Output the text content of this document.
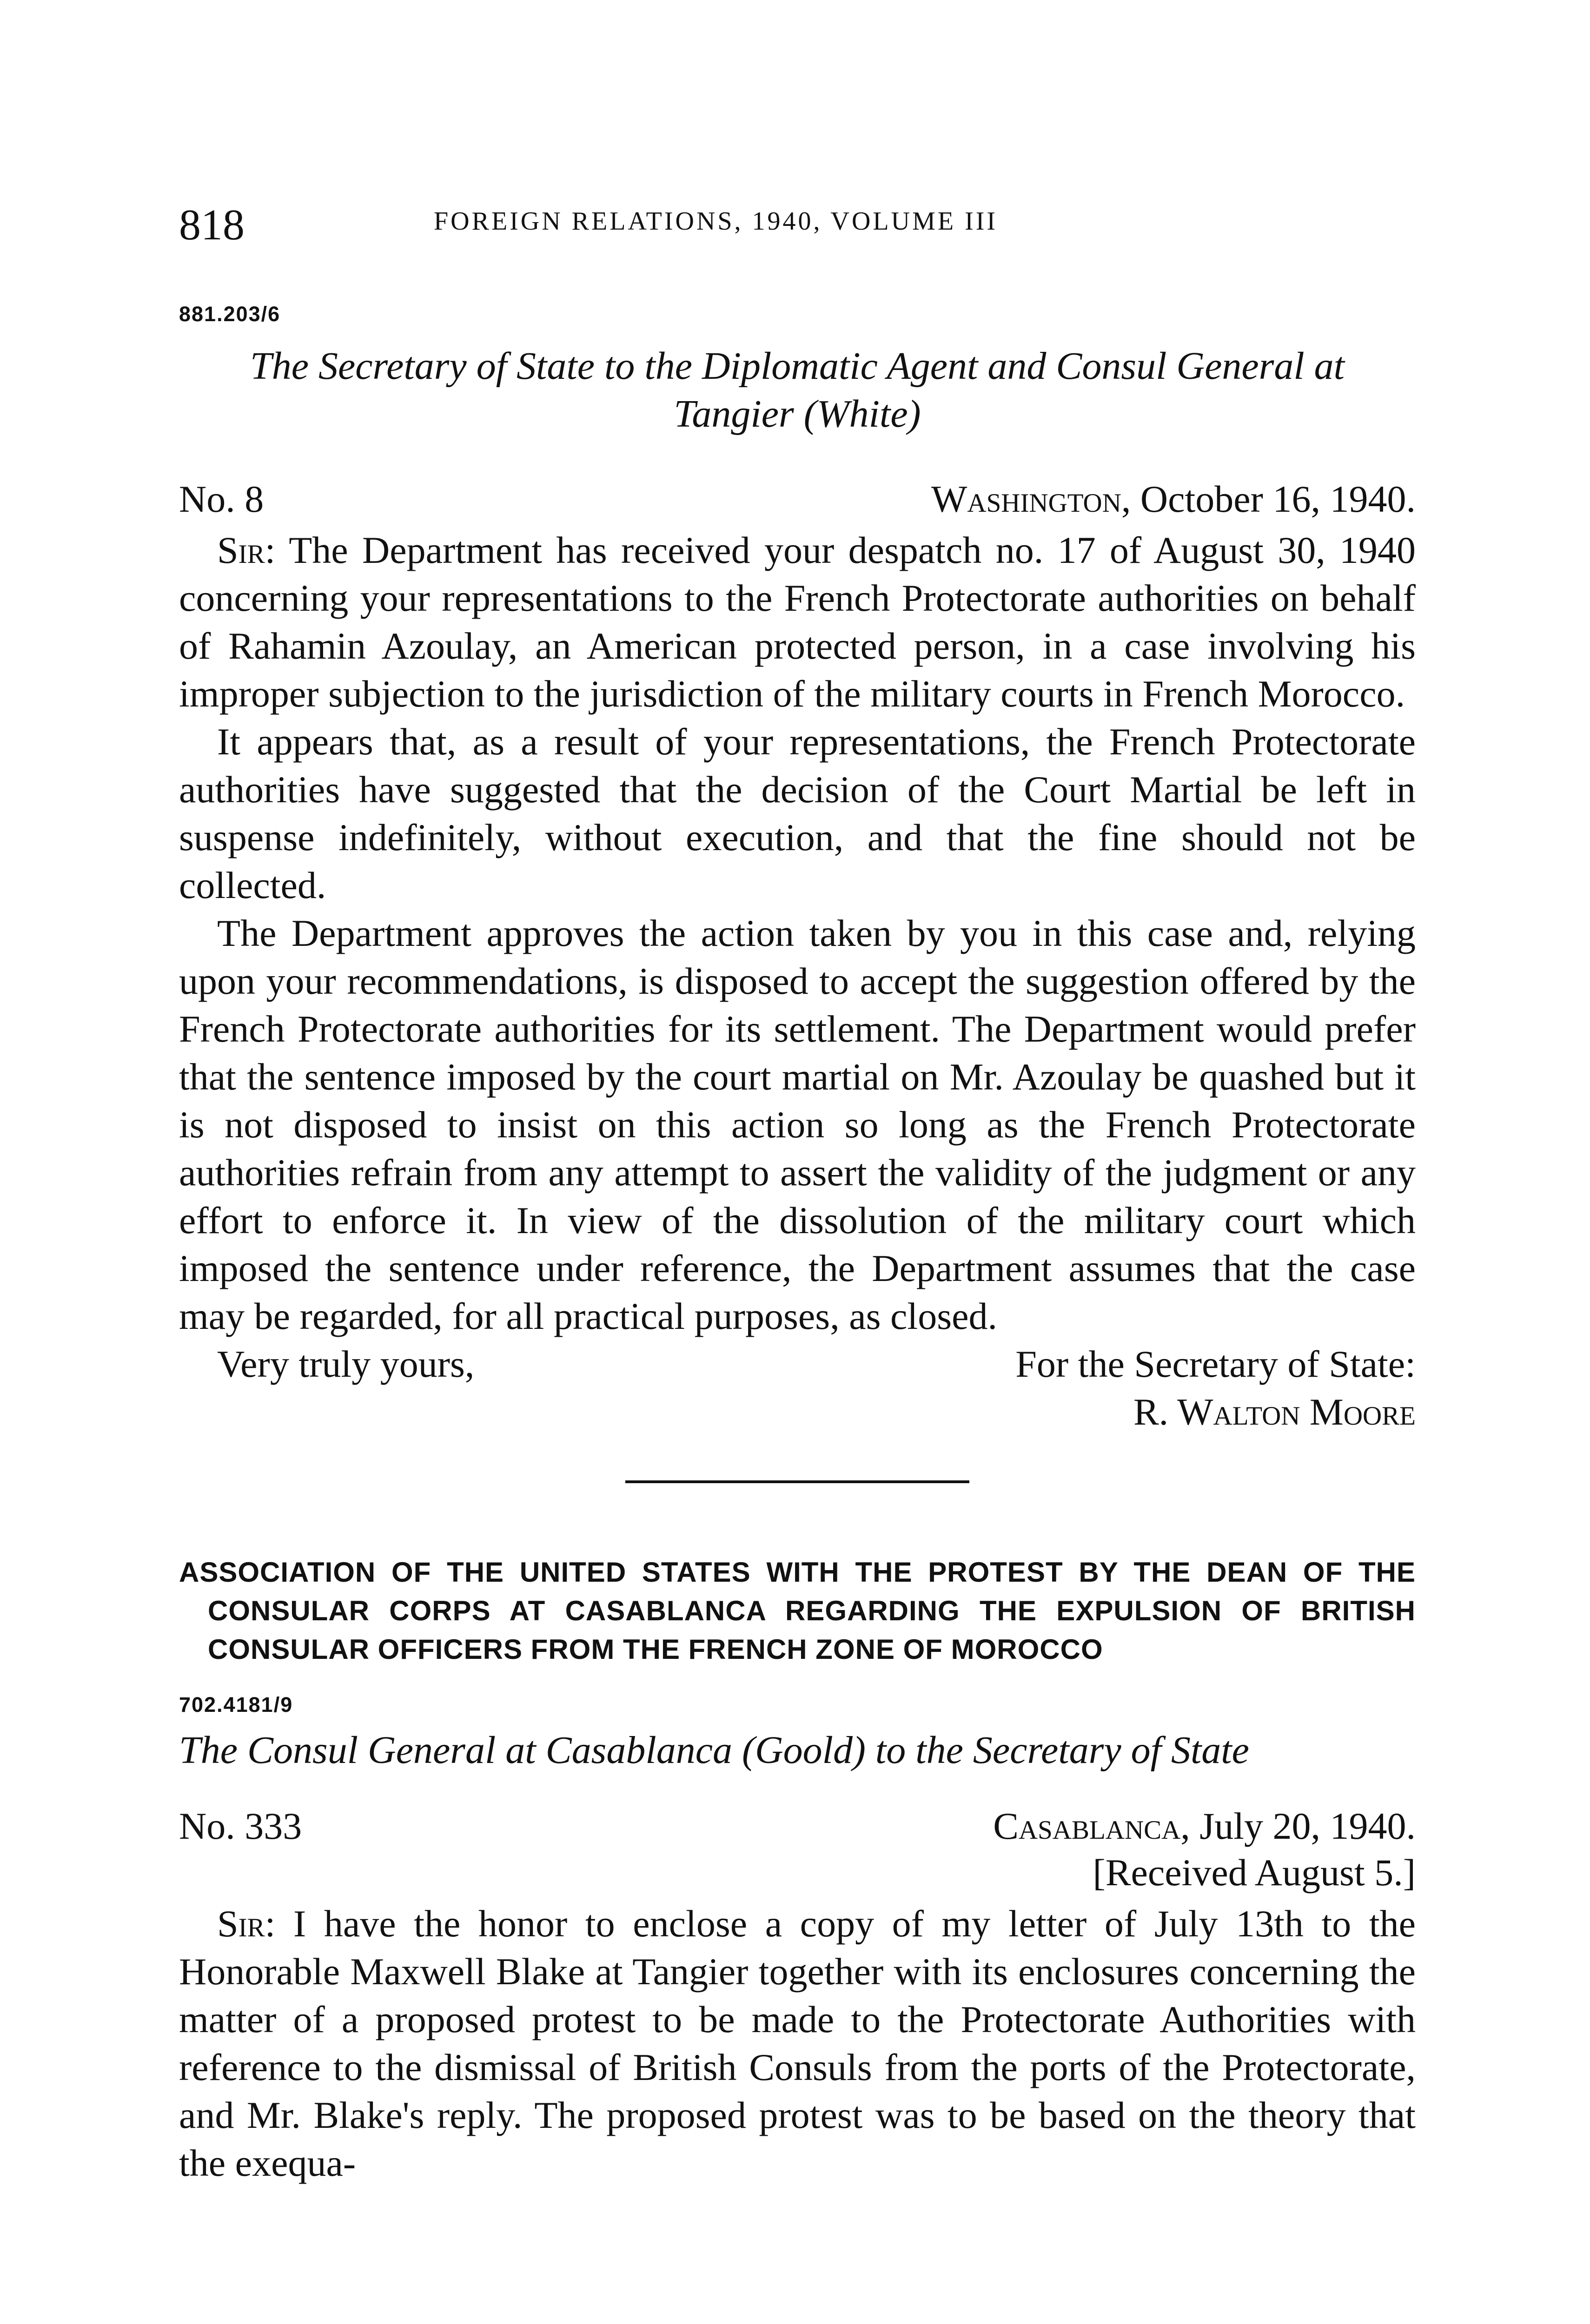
818	FOREIGN RELATIONS, 1940, VOLUME III
881.203/6
The Secretary of State to the Diplomatic Agent and Consul General at
Tangier (White)
No. 8	Washington, October 16, 1940.

Sir: The Department has received your despatch no. 17 of August 30, 1940 concerning your representations to the French Protectorate authorities on behalf of Rahamin Azoulay, an American protected person, in a case involving his improper subjection to the jurisdiction of the military courts in French Morocco.

It appears that, as a result of your representations, the French Protectorate authorities have suggested that the decision of the Court Martial be left in suspense indefinitely, without execution, and that the fine should not be collected.

The Department approves the action taken by you in this case and, relying upon your recommendations, is disposed to accept the suggestion offered by the French Protectorate authorities for its settlement. The Department would prefer that the sentence imposed by the court martial on Mr. Azoulay be quashed but it is not disposed to insist on this action so long as the French Protectorate authorities refrain from any attempt to assert the validity of the judgment or any effort to enforce it. In view of the dissolution of the military court which imposed the sentence under reference, the Department assumes that the case may be regarded, for all practical purposes, as closed.

Very truly yours,	For the Secretary of State:
R. Walton Moore
ASSOCIATION OF THE UNITED STATES WITH THE PROTEST BY THE DEAN OF THE CONSULAR CORPS AT CASABLANCA REGARDING THE EXPULSION OF BRITISH CONSULAR OFFICERS FROM THE FRENCH ZONE OF MOROCCO
702.4181/9
The Consul General at Casablanca (Goold) to the Secretary of State
No. 333	Casablanca, July 20, 1940.
[Received August 5.]

Sir: I have the honor to enclose a copy of my letter of July 13th to the Honorable Maxwell Blake at Tangier together with its enclosures concerning the matter of a proposed protest to be made to the Protectorate Authorities with reference to the dismissal of British Consuls from the ports of the Protectorate, and Mr. Blake's reply. The proposed protest was to be based on the theory that the exequa-
